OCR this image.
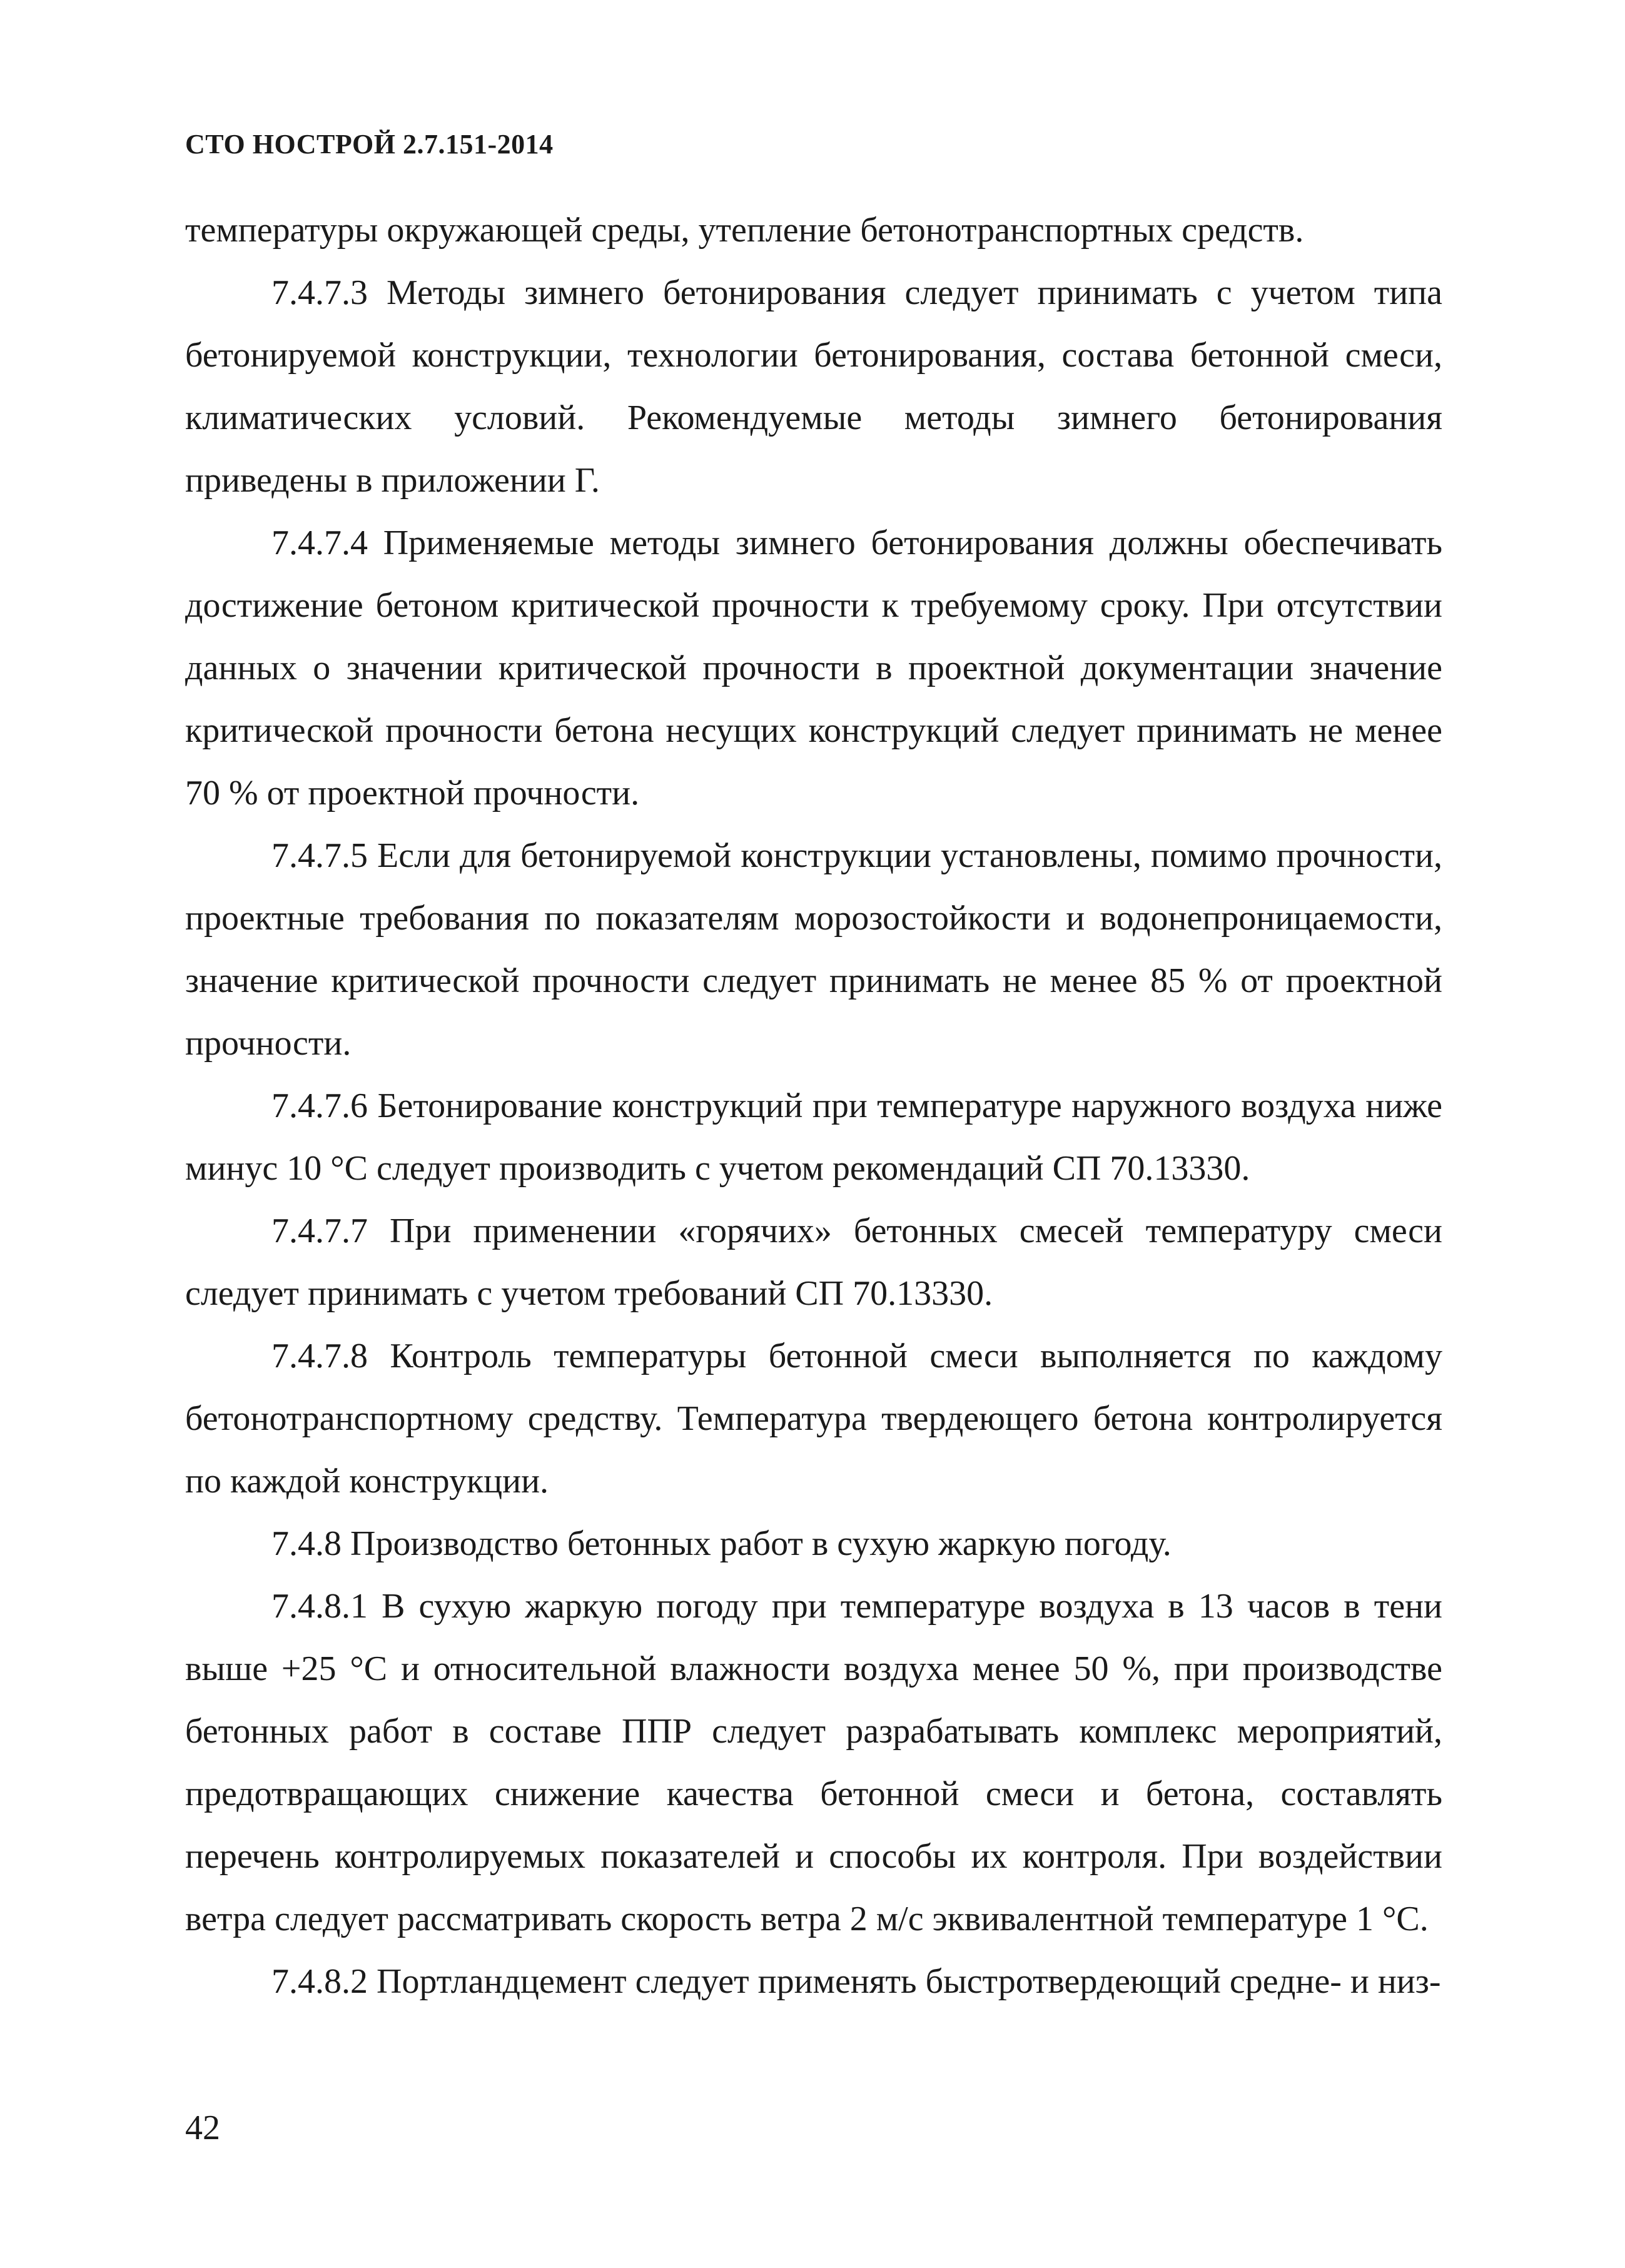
СТО НОСТРОЙ 2.7.151-2014

температуры окружающей среды, утепление бетонотранспортных средств.

7.4.7.3 Методы зимнего бетонирования следует принимать с учетом типа бетонируемой конструкции, технологии бетонирования, состава бетонной смеси, климатических условий. Рекомендуемые методы зимнего бетонирования приведены в приложении Г.

7.4.7.4 Применяемые методы зимнего бетонирования должны обеспечивать достижение бетоном критической прочности к требуемому сроку. При отсутствии данных о значении критической прочности в проектной документации значение критической прочности бетона несущих конструкций следует принимать не менее 70 % от проектной прочности.

7.4.7.5 Если для бетонируемой конструкции установлены, помимо прочности, проектные требования по показателям морозостойкости и водонепроницаемости, значение критической прочности следует принимать не менее 85 % от проектной прочности.

7.4.7.6 Бетонирование конструкций при температуре наружного воздуха ниже минус 10 °С следует производить с учетом рекомендаций СП 70.13330.

7.4.7.7 При применении «горячих» бетонных смесей температуру смеси следует принимать с учетом требований СП 70.13330.

7.4.7.8 Контроль температуры бетонной смеси выполняется по каждому бетонотранспортному средству. Температура твердеющего бетона контролируется по каждой конструкции.

7.4.8 Производство бетонных работ в сухую жаркую погоду.

7.4.8.1 В сухую жаркую погоду при температуре воздуха в 13 часов в тени выше +25 °С и относительной влажности воздуха менее 50 %, при производстве бетонных работ в составе ППР следует разрабатывать комплекс мероприятий, предотвращающих снижение качества бетонной смеси и бетона, составлять перечень контролируемых показателей и способы их контроля. При воздействии ветра следует рассматривать скорость ветра 2 м/с эквивалентной температуре 1 °С.

7.4.8.2 Портландцемент следует применять быстротвердеющий средне- и низ-

42
